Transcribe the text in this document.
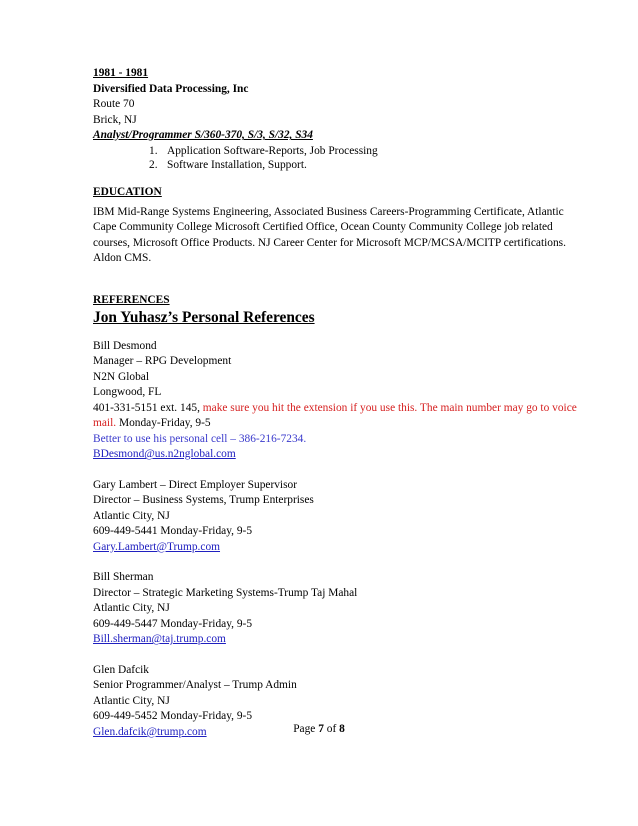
1981 - 1981
Diversified Data Processing, Inc
Route 70
Brick, NJ
Analyst/Programmer S/360-370, S/3, S/32, S34
1. Application Software-Reports, Job Processing
2. Software Installation, Support.
EDUCATION
IBM Mid-Range Systems Engineering, Associated Business Careers-Programming Certificate, Atlantic Cape Community College Microsoft Certified Office, Ocean County Community College job related courses, Microsoft Office Products. NJ Career Center for Microsoft MCP/MCSA/MCITP certifications. Aldon CMS.
REFERENCES
Jon Yuhasz’s Personal References
Bill Desmond
Manager – RPG Development
N2N Global
Longwood, FL
401-331-5151 ext. 145, make sure you hit the extension if you use this. The main number may go to voice mail. Monday-Friday, 9-5
Better to use his personal cell – 386-216-7234.
BDesmond@us.n2nglobal.com
Gary Lambert – Direct Employer Supervisor
Director – Business Systems, Trump Enterprises
Atlantic City, NJ
609-449-5441 Monday-Friday, 9-5
Gary.Lambert@Trump.com
Bill Sherman
Director – Strategic Marketing Systems-Trump Taj Mahal
Atlantic City, NJ
609-449-5447 Monday-Friday, 9-5
Bill.sherman@taj.trump.com
Glen Dafcik
Senior Programmer/Analyst – Trump Admin
Atlantic City, NJ
609-449-5452 Monday-Friday, 9-5
Glen.dafcik@trump.com	Page 7 of 8
